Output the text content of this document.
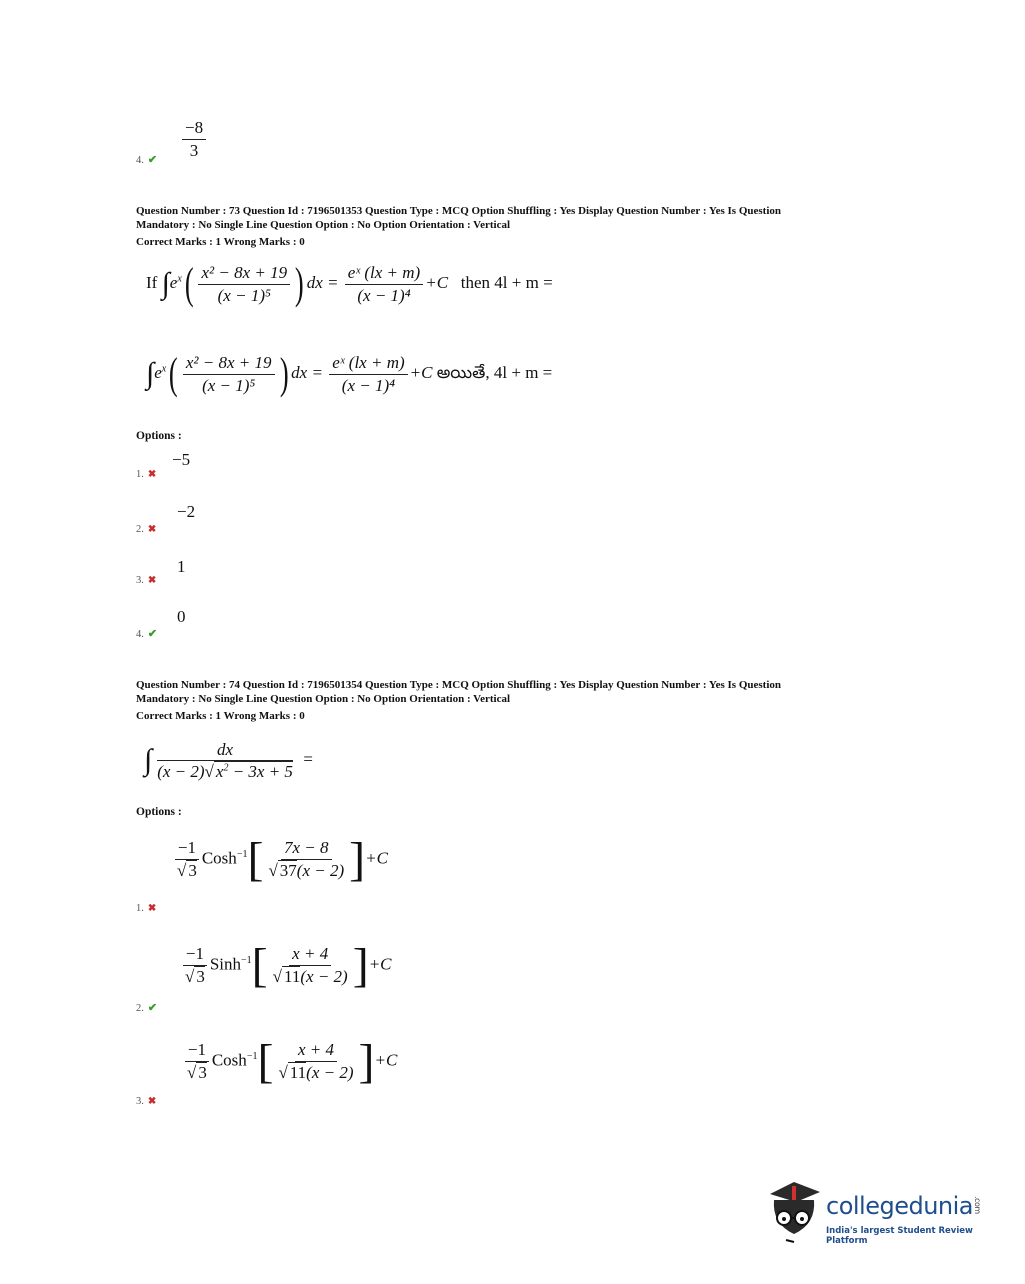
4. ✔ $\frac{-8}{3}$
Question Number : 73 Question Id : 7196501353 Question Type : MCQ Option Shuffling : Yes Display Question Number : Yes Is Question
Mandatory : No Single Line Question Option : No Option Orientation : Vertical
Correct Marks : 1 Wrong Marks : 0
If $\int e^x( \frac{\text{x² − 8x + 19}}{\text{(x − 1)⁵}}$ ) dx = $\frac{\text{eˣ (lx + m)}}{\text{(x − 1)⁴}} +C$   then 4l + m =
$\int e^x( \frac{\text{x² − 8x + 19}}{\text{(x − 1)⁵}}$ ) dx = $\frac{\text{eˣ (lx + m)}}{\text{(x − 1)⁴}} +C$ అయితే, 4l + m =
Options :
1. ✖
−5
2. ✖
−2
3. ✖
1
4. ✔
0
Question Number : 74 Question Id : 7196501354 Question Type : MCQ Option Shuffling : Yes Display Question Number : Yes Is Question
Mandatory : No Single Line Question Option : No Option Orientation : Vertical
Correct Marks : 1 Wrong Marks : 0
∫ $\frac{dx}{(x - 2)√ x^2 - 3x + 5}$ =
Options :
$\frac{-1}{√ 3}$ Cosh$^{-1}$[ $\frac{7x - 8}{√ 37(x - 2)} ]+C$
1. ✖
$\frac{-1}{√ 3}$ Sinh$^{-1}$[ $\frac{x + 4}{√ 11(x - 2)} ]+C$
2. ✔
$\frac{-1}{√ 3}$ Cosh$^{-1}$[ $\frac{x + 4}{√ 11(x - 2)} ]+C$
3. ✖
collegedunia.com
India's largest Student Review Platform
